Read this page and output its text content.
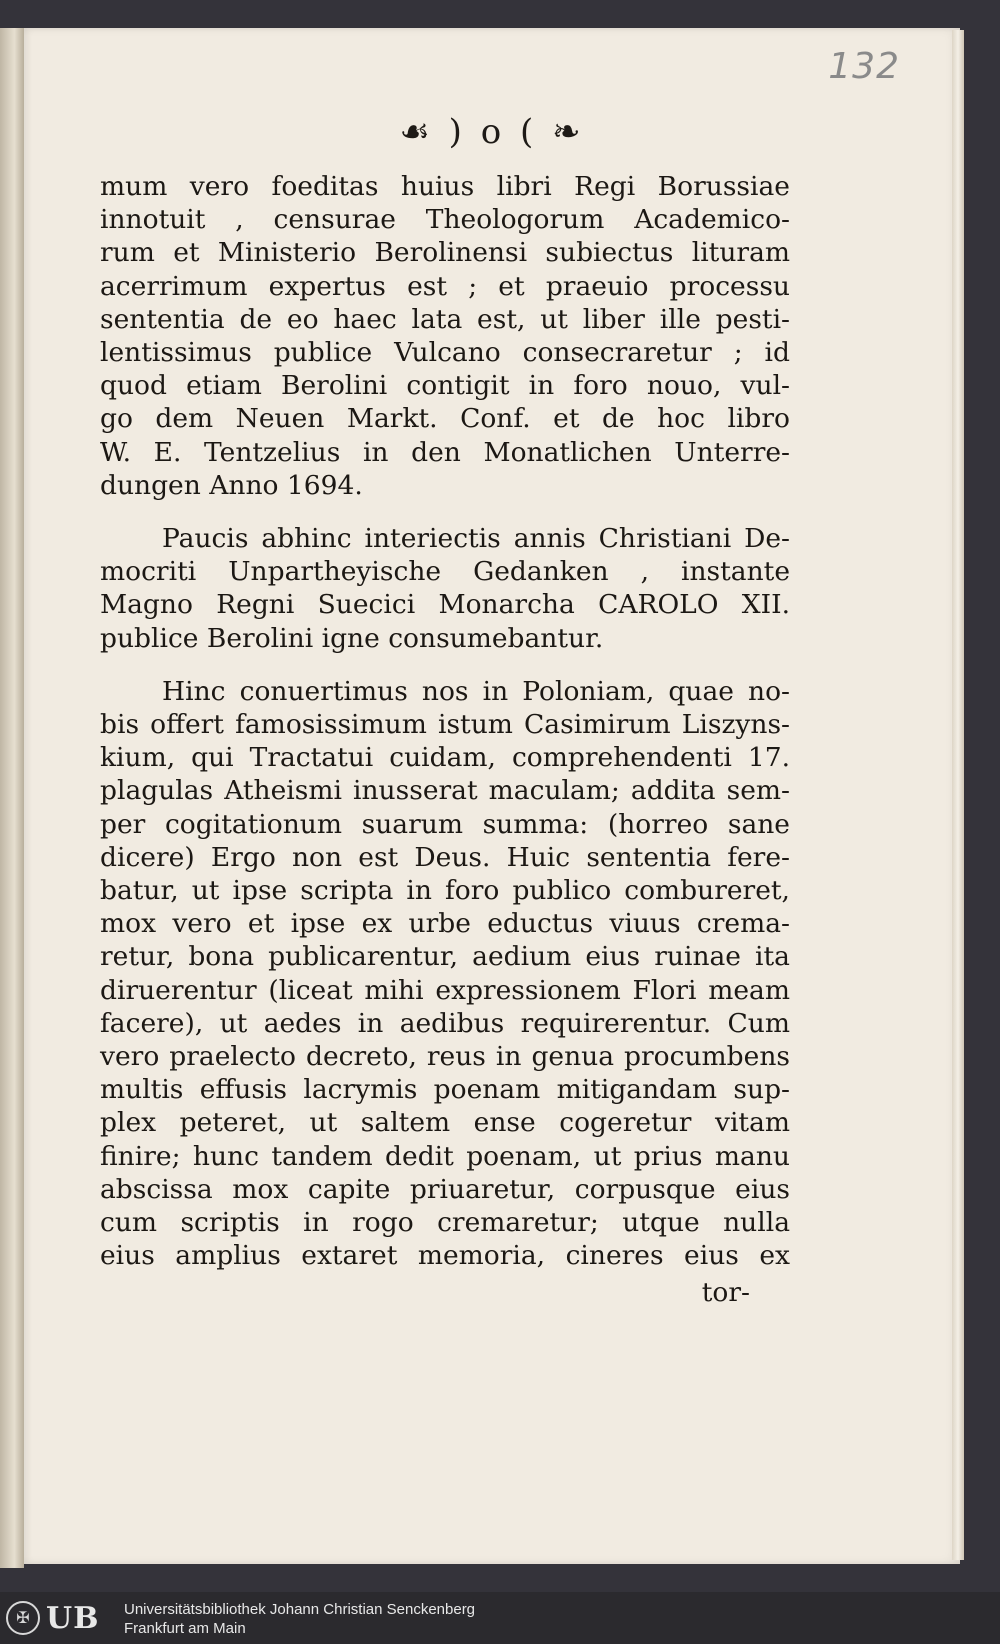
132
☙ ) o ( ❧
mum vero foeditas huius libri Regi Borussiae
innotuit , censurae Theologorum Academico-
rum et Ministerio Berolinensi subiectus lituram
acerrimum expertus est ; et praeuio processu
sententia de eo haec lata est, ut liber ille pesti-
lentissimus publice Vulcano consecraretur ; id
quod etiam Berolini contigit in foro nouo, vul-
go dem Neuen Markt. Conf. et de hoc libro
W. E. Tentzelius in den Monatlichen Unterre-
dungen Anno 1694.
Paucis abhinc interiectis annis Christiani De-
mocriti Unpartheyische Gedanken , instante
Magno Regni Suecici Monarcha CAROLO XII.
publice Berolini igne consumebantur.
Hinc conuertimus nos in Poloniam, quae no-
bis offert famosissimum istum Casimirum Liszyns-
kium, qui Tractatui cuidam, comprehendenti 17.
plagulas Atheismi inusserat maculam; addita sem-
per cogitationum suarum summa: (horreo sane
dicere) Ergo non est Deus. Huic sententia fere-
batur, ut ipse scripta in foro publico combureret,
mox vero et ipse ex urbe eductus viuus crema-
retur, bona publicarentur, aedium eius ruinae ita
diruerentur (liceat mihi expressionem Flori meam
facere), ut aedes in aedibus requirerentur. Cum
vero praelecto decreto, reus in genua procumbens
multis effusis lacrymis poenam mitigandam sup-
plex peteret, ut saltem ense cogeretur vitam
finire; hunc tandem dedit poenam, ut prius manu
abscissa mox capite priuaretur, corpusque eius
cum scriptis in rogo cremaretur; utque nulla
eius amplius extaret memoria, cineres eius ex
tor-
✠ UB Universitätsbibliothek Johann Christian Senckenberg
Frankfurt am Main
